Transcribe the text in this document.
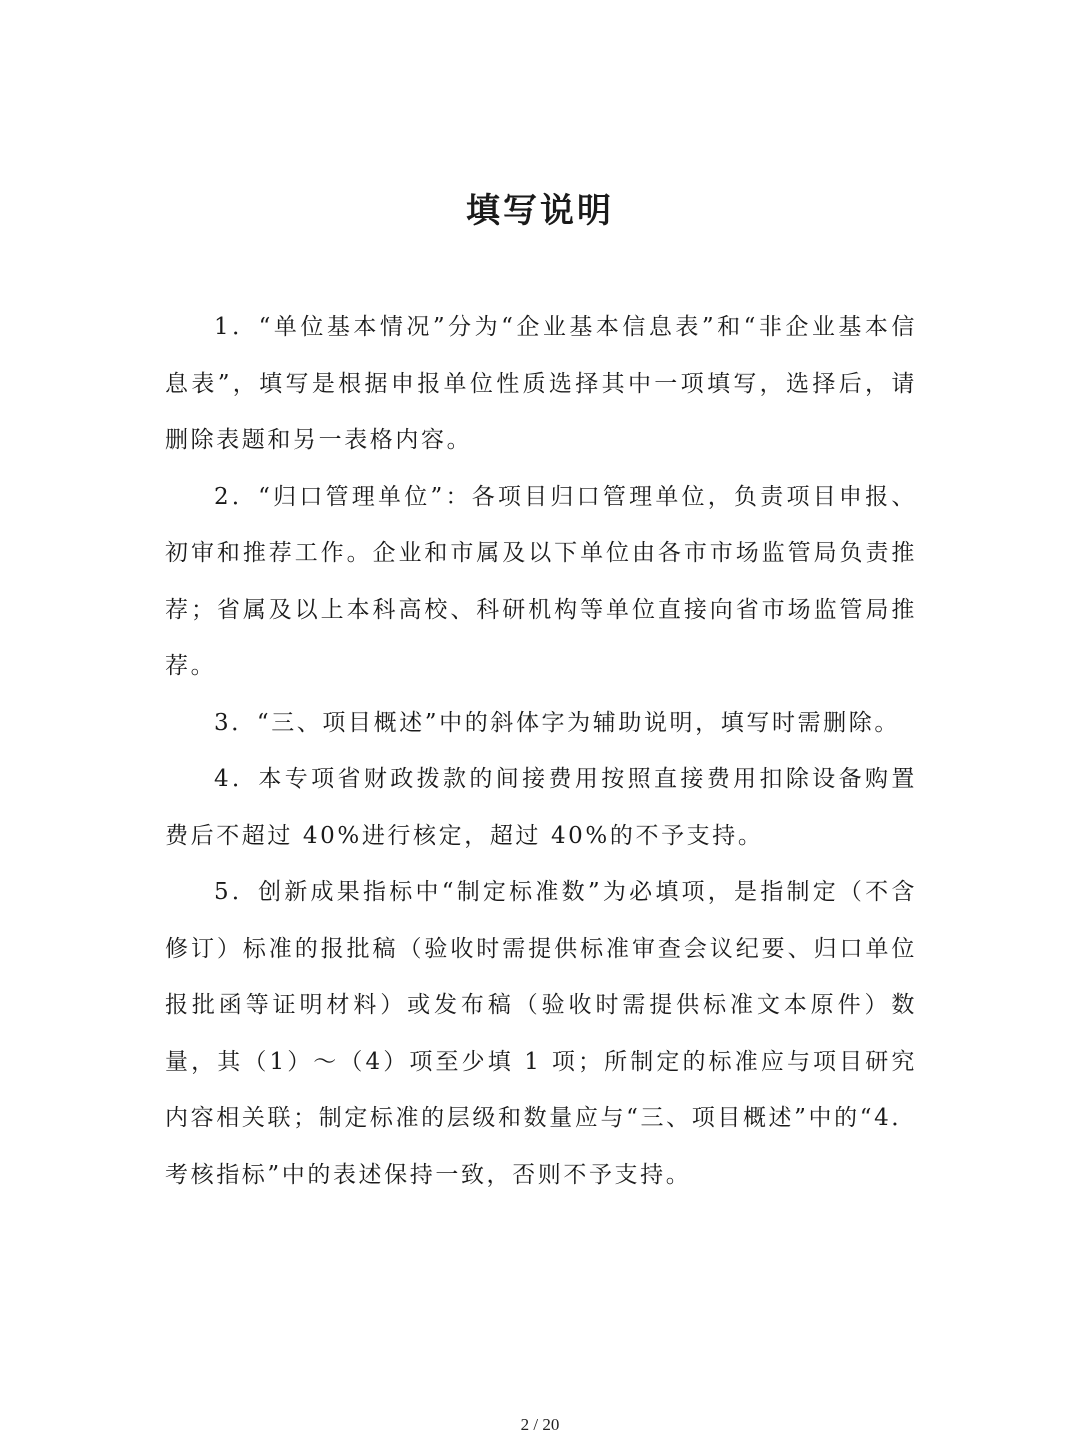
填写说明

1．“单位基本情况”分为“企业基本信息表”和“非企业基本信息表”，填写是根据申报单位性质选择其中一项填写，选择后，请删除表题和另一表格内容。

2．“归口管理单位”：各项目归口管理单位，负责项目申报、初审和推荐工作。企业和市属及以下单位由各市市场监管局负责推荐；省属及以上本科高校、科研机构等单位直接向省市场监管局推荐。

3．“三、项目概述”中的斜体字为辅助说明，填写时需删除。

4．本专项省财政拨款的间接费用按照直接费用扣除设备购置费后不超过 40%进行核定，超过 40%的不予支持。

5．创新成果指标中“制定标准数”为必填项，是指制定（不含修订）标准的报批稿（验收时需提供标准审查会议纪要、归口单位报批函等证明材料）或发布稿（验收时需提供标准文本原件）数量，其（1）～（4）项至少填 1 项；所制定的标准应与项目研究内容相关联；制定标准的层级和数量应与“三、项目概述”中的“4．考核指标”中的表述保持一致，否则不予支持。

2 / 20
